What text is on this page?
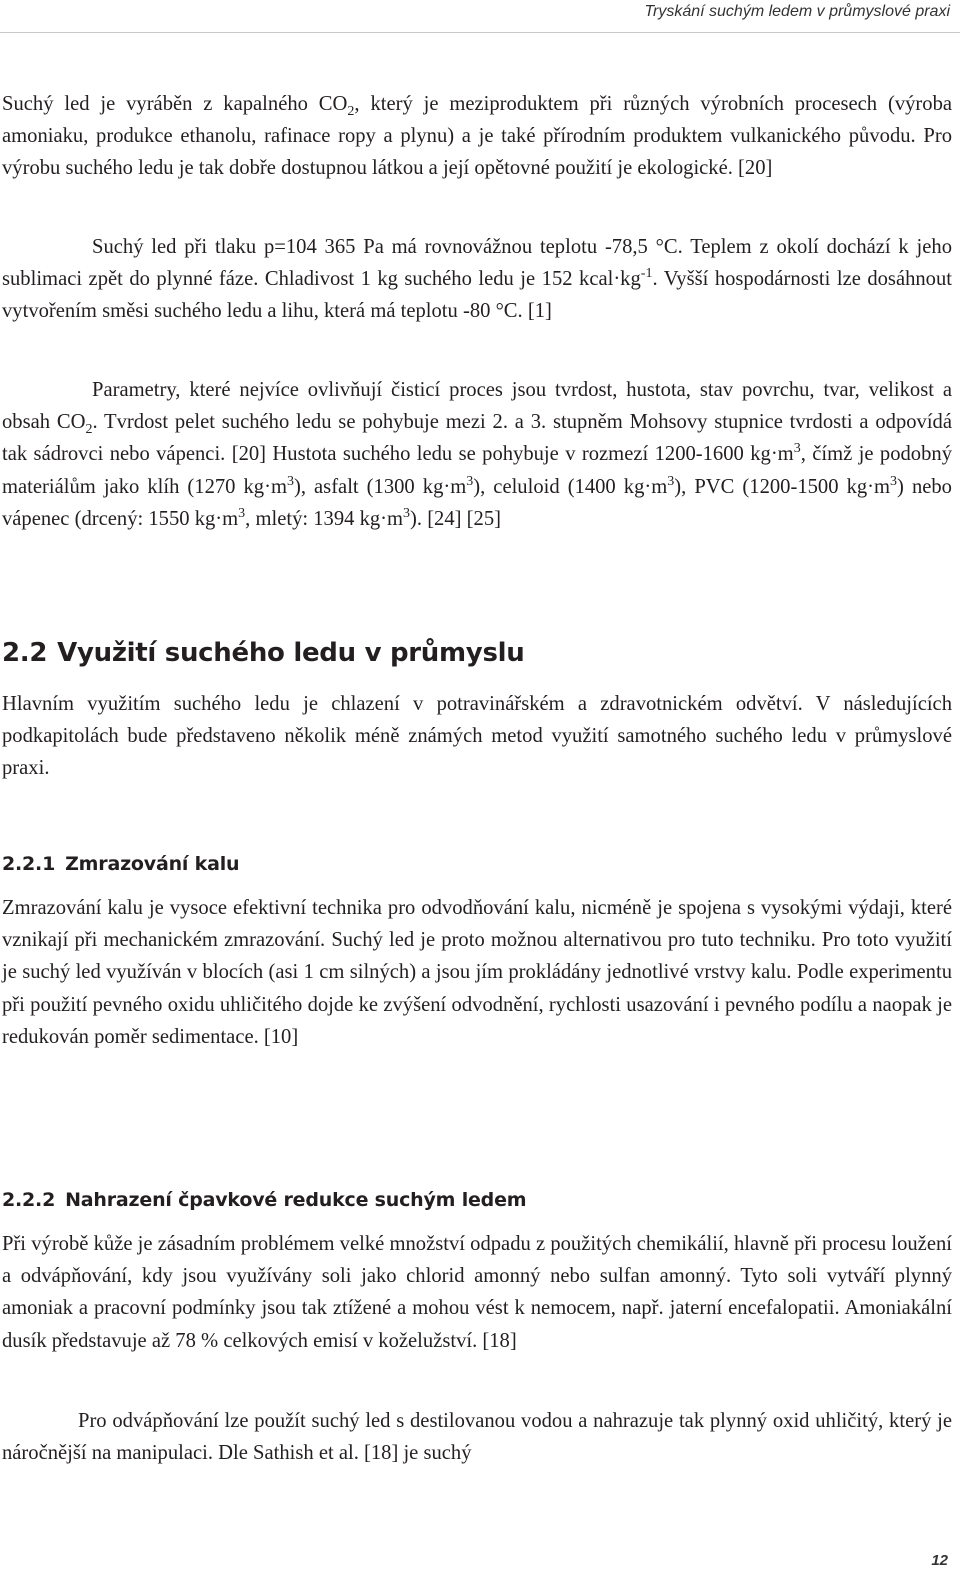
Tryskání suchým ledem v průmyslové praxi

Suchý led je vyráběn z kapalného $CO_2$, který je meziproduktem při různých výrobních procesech (výroba amoniaku, produkce ethanolu, rafinace ropy a plynu) a je také přírodním produktem vulkanického původu. Pro výrobu suchého ledu je tak dobře dostupnou látkou a její opětovné použití je ekologické. [20]

Suchý led při tlaku p=104 365 Pa má rovnovážnou teplotu -78,5 °C. Teplem z okolí dochází k jeho sublimaci zpět do plynné fáze. Chladivost 1 kg suchého ledu je 152 $kcal\cdot kg^{-1}$. Vyšší hospodárnosti lze dosáhnout vytvořením směsi suchého ledu a lihu, která má teplotu -80 °C. [1]

Parametry, které nejvíce ovlivňují čisticí proces jsou tvrdost, hustota, stav povrchu, tvar, velikost a obsah $CO_2$. Tvrdost pelet suchého ledu se pohybuje mezi 2. a 3. stupněm Mohsovy stupnice tvrdosti a odpovídá tak sádrovci nebo vápenci. [20] Hustota suchého ledu se pohybuje v rozmezí 1200-1600 $kg\cdot m^3$, čímž je podobný materiálům jako klíh (1270 $kg\cdot m^3$), asfalt (1300 $kg\cdot m^3$), celuloid (1400 $kg\cdot m^3$), PVC (1200-1500 $kg\cdot m^3$) nebo vápenec (drcený: 1550 $kg\cdot m^3$, mletý: 1394 $kg\cdot m^3$). [24] [25]

2.2 Využití suchého ledu v průmyslu

Hlavním využitím suchého ledu je chlazení v potravinářském a zdravotnickém odvětví. V následujících podkapitolách bude představeno několik méně známých metod využití samotného suchého ledu v průmyslové praxi.

2.2.1 Zmrazování kalu

Zmrazování kalu je vysoce efektivní technika pro odvodňování kalu, nicméně je spojena s vysokými výdaji, které vznikají při mechanickém zmrazování. Suchý led je proto možnou alternativou pro tuto techniku. Pro toto využití je suchý led využíván v blocích (asi 1 cm silných) a jsou jím prokládány jednotlivé vrstvy kalu. Podle experimentu při použití pevného oxidu uhličitého dojde ke zvýšení odvodnění, rychlosti usazování i pevného podílu a naopak je redukován poměr sedimentace. [10]

2.2.2 Nahrazení čpavkové redukce suchým ledem

Při výrobě kůže je zásadním problémem velké množství odpadu z použitých chemikálií, hlavně při procesu loužení a odvápňování, kdy jsou využívány soli jako chlorid amonný nebo sulfan amonný. Tyto soli vytváří plynný amoniak a pracovní podmínky jsou tak ztížené a mohou vést k nemocem, např. jaterní encefalopatii. Amoniakální dusík představuje až 78 % celkových emisí v koželužství. [18]

Pro odvápňování lze použít suchý led s destilovanou vodou a nahrazuje tak plynný oxid uhličitý, který je náročnější na manipulaci. Dle Sathish et al. [18] je suchý

12
